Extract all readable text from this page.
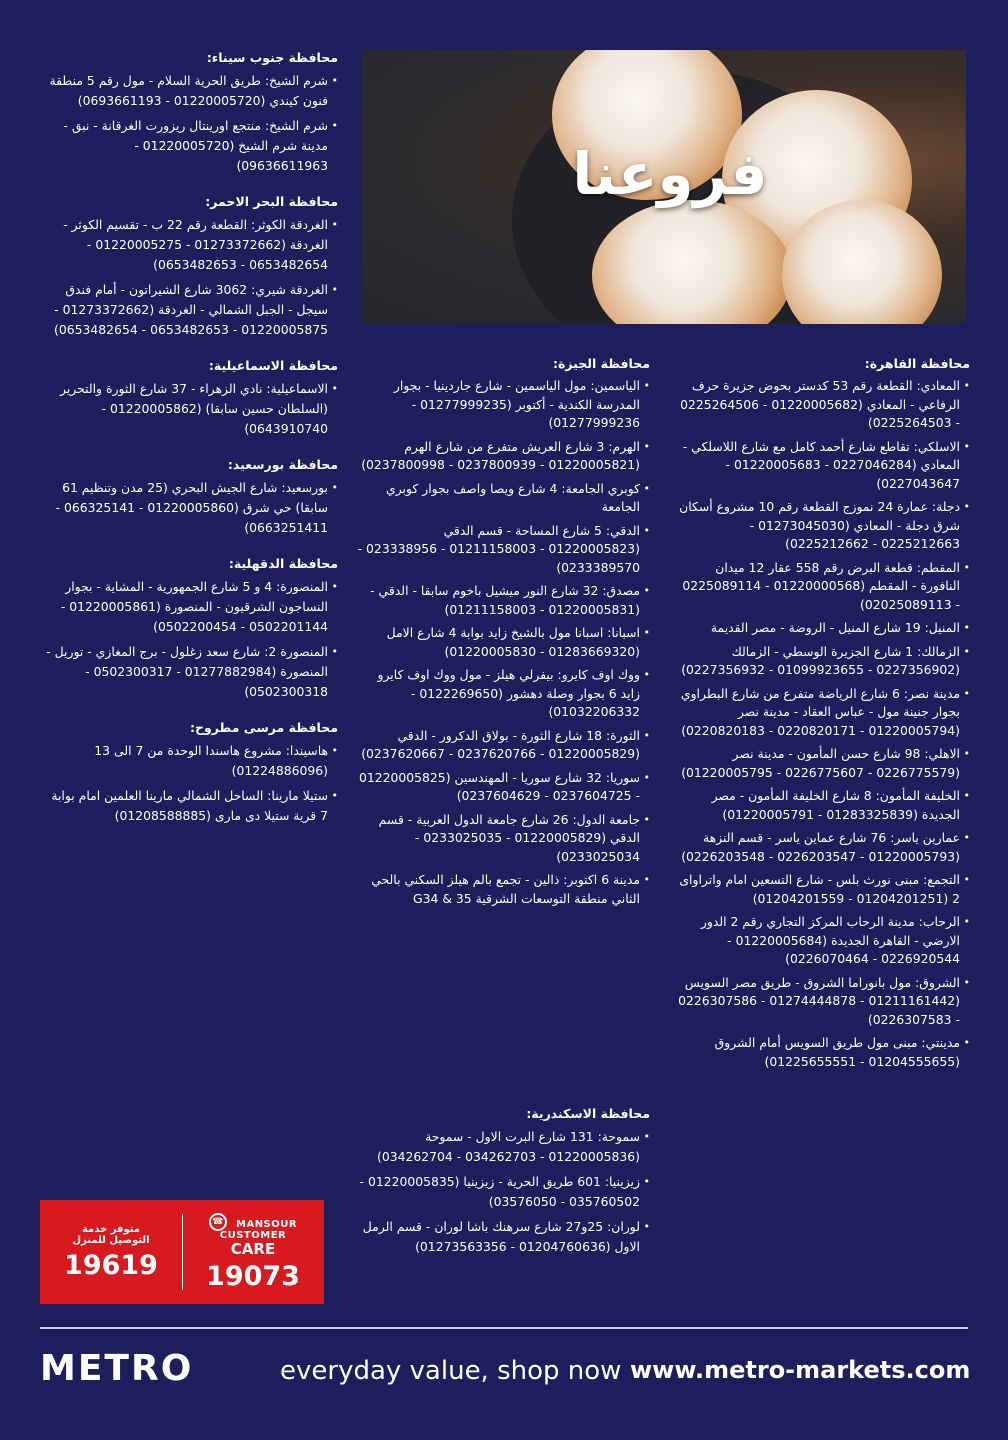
فروعنا
محافظة القاهرة:
• المعادي: القطعة رقم 53 كدستر بحوض جزيرة حرف الرفاعي - المعادي (01220005682 - 0225264506 - 0225264503)
• الاسلكي: تقاطع شارع أحمد كامل مع شارع اللاسلكي - المعادي (0227046284 - 01220005683 - 0227043647)
• دجلة: عمارة 24 نموزج القطعة رقم 10 مشروع أسكان شرق دجلة - المعادي (01273045030 - 0225212663 - 0225212662)
• المقطم: قطعة البرض رقم 558 عقار 12 ميدان النافورة - المقطم (01220000568 - 0225089114 - 02025089113)
• المنيل: 19 شارع المنيل - الروضة - مصر القديمة
• الزمالك: 1 شارع الجزيرة الوسطي - الزمالك (0227356902 - 01099923655 - 0227356932)
• مدينة نصر: 6 شارع الرياضة متفرع من شارع البطراوي بجوار جنينة مول - عباس العقاد - مدينة نصر (01220005794 - 0220820171 - 0220820183)
• الاهلي: 98 شارع حسن المأمون - مدينة نصر (0226775579 - 0226775607 - 01220005795)
• الخليفة المأمون: 8 شارع الخليفة المأمون - مصر الجديدة (01283325839 - 01220005791)
• عمارين ياسر: 76 شارع عماين ياسر - قسم النزهة (01220005793 - 0226203547 - 0226203548)
• التجمع: مبنى نورث بلس - شارع التسعين امام واتراواى 2 (01204201251 - 01204201559)
• الرحاب: مدينة الرحاب المركز التجاري رقم 2 الدور الارضي - القاهرة الجديدة (01220005684 - 0226920544 - 0226070464)
• الشروق: مول بانوراما الشروق - طريق مصر السويس (01211161442 - 01274444878 - 0226307586 - 0226307583)
• مدينتي: مبنى مول طريق السويس أمام الشروق (01204555655 - 01225655551)
محافظة الجيزة:
• الياسمين: مول الياسمين - شارع جاردينيا - بجوار المدرسة الكندية - أكتوبر (01277999235 - 01277999236)
• الهرم: 3 شارع العريش متفرع من شارع الهرم (01220005821 - 0237800939 - 0237800998)
• كوبري الجامعة: 4 شارع ويصا واصف بجوار كوبري الجامعة
• الدقي: 5 شارع المساحة - قسم الدقي (01220005823 - 01211158003 - 023338956 - 0233389570)
• مصدق: 32 شارع النور ميشيل باخوم سابقا - الدقي - (01220005831 - 01211158003)
• اسبانا: اسبانا مول بالشيخ زايد بوابة 4 شارع الامل (01283669320 - 01220005830)
• ووك اوف كايرو: بيفرلي هيلز - مول ووك اوف كايرو زايد 6 بجوار وصلة دهشور (0122269650 - 01032206332)
• الثورة: 18 شارع الثورة - بولاق الدكرور - الدقي (01220005829 - 0237620766 - 0237620667)
• سوريا: 32 شارع سوريا - المهندسين (01220005825 - 0237604725 - 0237604629)
• جامعة الدول: 26 شارع جامعة الدول العربية - قسم الدقي (01220005829 - 0233025035 - 0233025034)
• مدينة 6 اكتوبر: ذالين - تجمع بالم هيلز السكني بالحي الثاني منطقة التوسعات الشرقية G34 & 35
محافظة الاسكندرية:
• سموحة: 131 شارع البرت الاول - سموحة (01220005836 - 034262703 - 034262704)
• زيزينيا: 601 طريق الحرية - زيزينيا (01220005835 - 035760502 - 03576050)
• لوران: 25و27 شارع سرهنك باشا لوران - قسم الرمل الاول (01204760636 - 01273563356)
محافظة جنوب سيناء:
• شرم الشيخ: طريق الحرية السلام - مول رقم 5 منطقة فنون كيندي (01220005720 - 0693661193)
• شرم الشيخ: منتجع اورينتال ريزورت الغرقانة - نبق - مدينة شرم الشيخ (01220005720 - 09636611963)
محافظة البحر الاحمر:
• الغردقة الكوثر: القطعة رقم 22 ب - تقسيم الكوثر - الغردقة (01273372662 - 01220005275 - 0653482654 - 0653482653)
• الغردقة شيري: 3062 شارع الشيراتون - أمام فندق سيجل - الجبل الشمالي - الغردقة (01273372662 - 01220005875 - 0653482653 - 0653482654)
محافظة الاسماعيلية:
• الاسماعيلية: نادي الزهراء - 37 شارع الثورة والتحرير (السلطان حسين سابقا) (01220005862 - 0643910740)
محافظة بورسعيد:
• بورسعيد: شارع الجيش البحري (25 مدن وتنظيم 61 سابقا) حي شرق (01220005860 - 066325141 - 0663251411)
محافظة الدقهلية:
• المنصورة: 4 و 5 شارع الجمهورية - المشاية - بجوار النساجون الشرقيون - المنصورة (01220005861 - 0502201144 - 0502200454)
• المنصورة 2: شارع سعد زغلول - برج المغازي - توريل - المنصورة (01277882984 - 0502300317 - 0502300318)
محافظة مرسى مطروح:
• هاسيندا: مشروع هاسندا الوحدة من 7 الى 13 (01224886096)
• ستيلا مارينا: الساحل الشمالي مارينا العلمين امام بوابة 7 قرية ستيلا دى مارى (01208588885)
متوفر خدمة
التوصيل للمنزل
19619
☎ MANSOUR
CUSTOMER
CARE
19073
METRO	everyday value, shop now www.metro-markets.com
